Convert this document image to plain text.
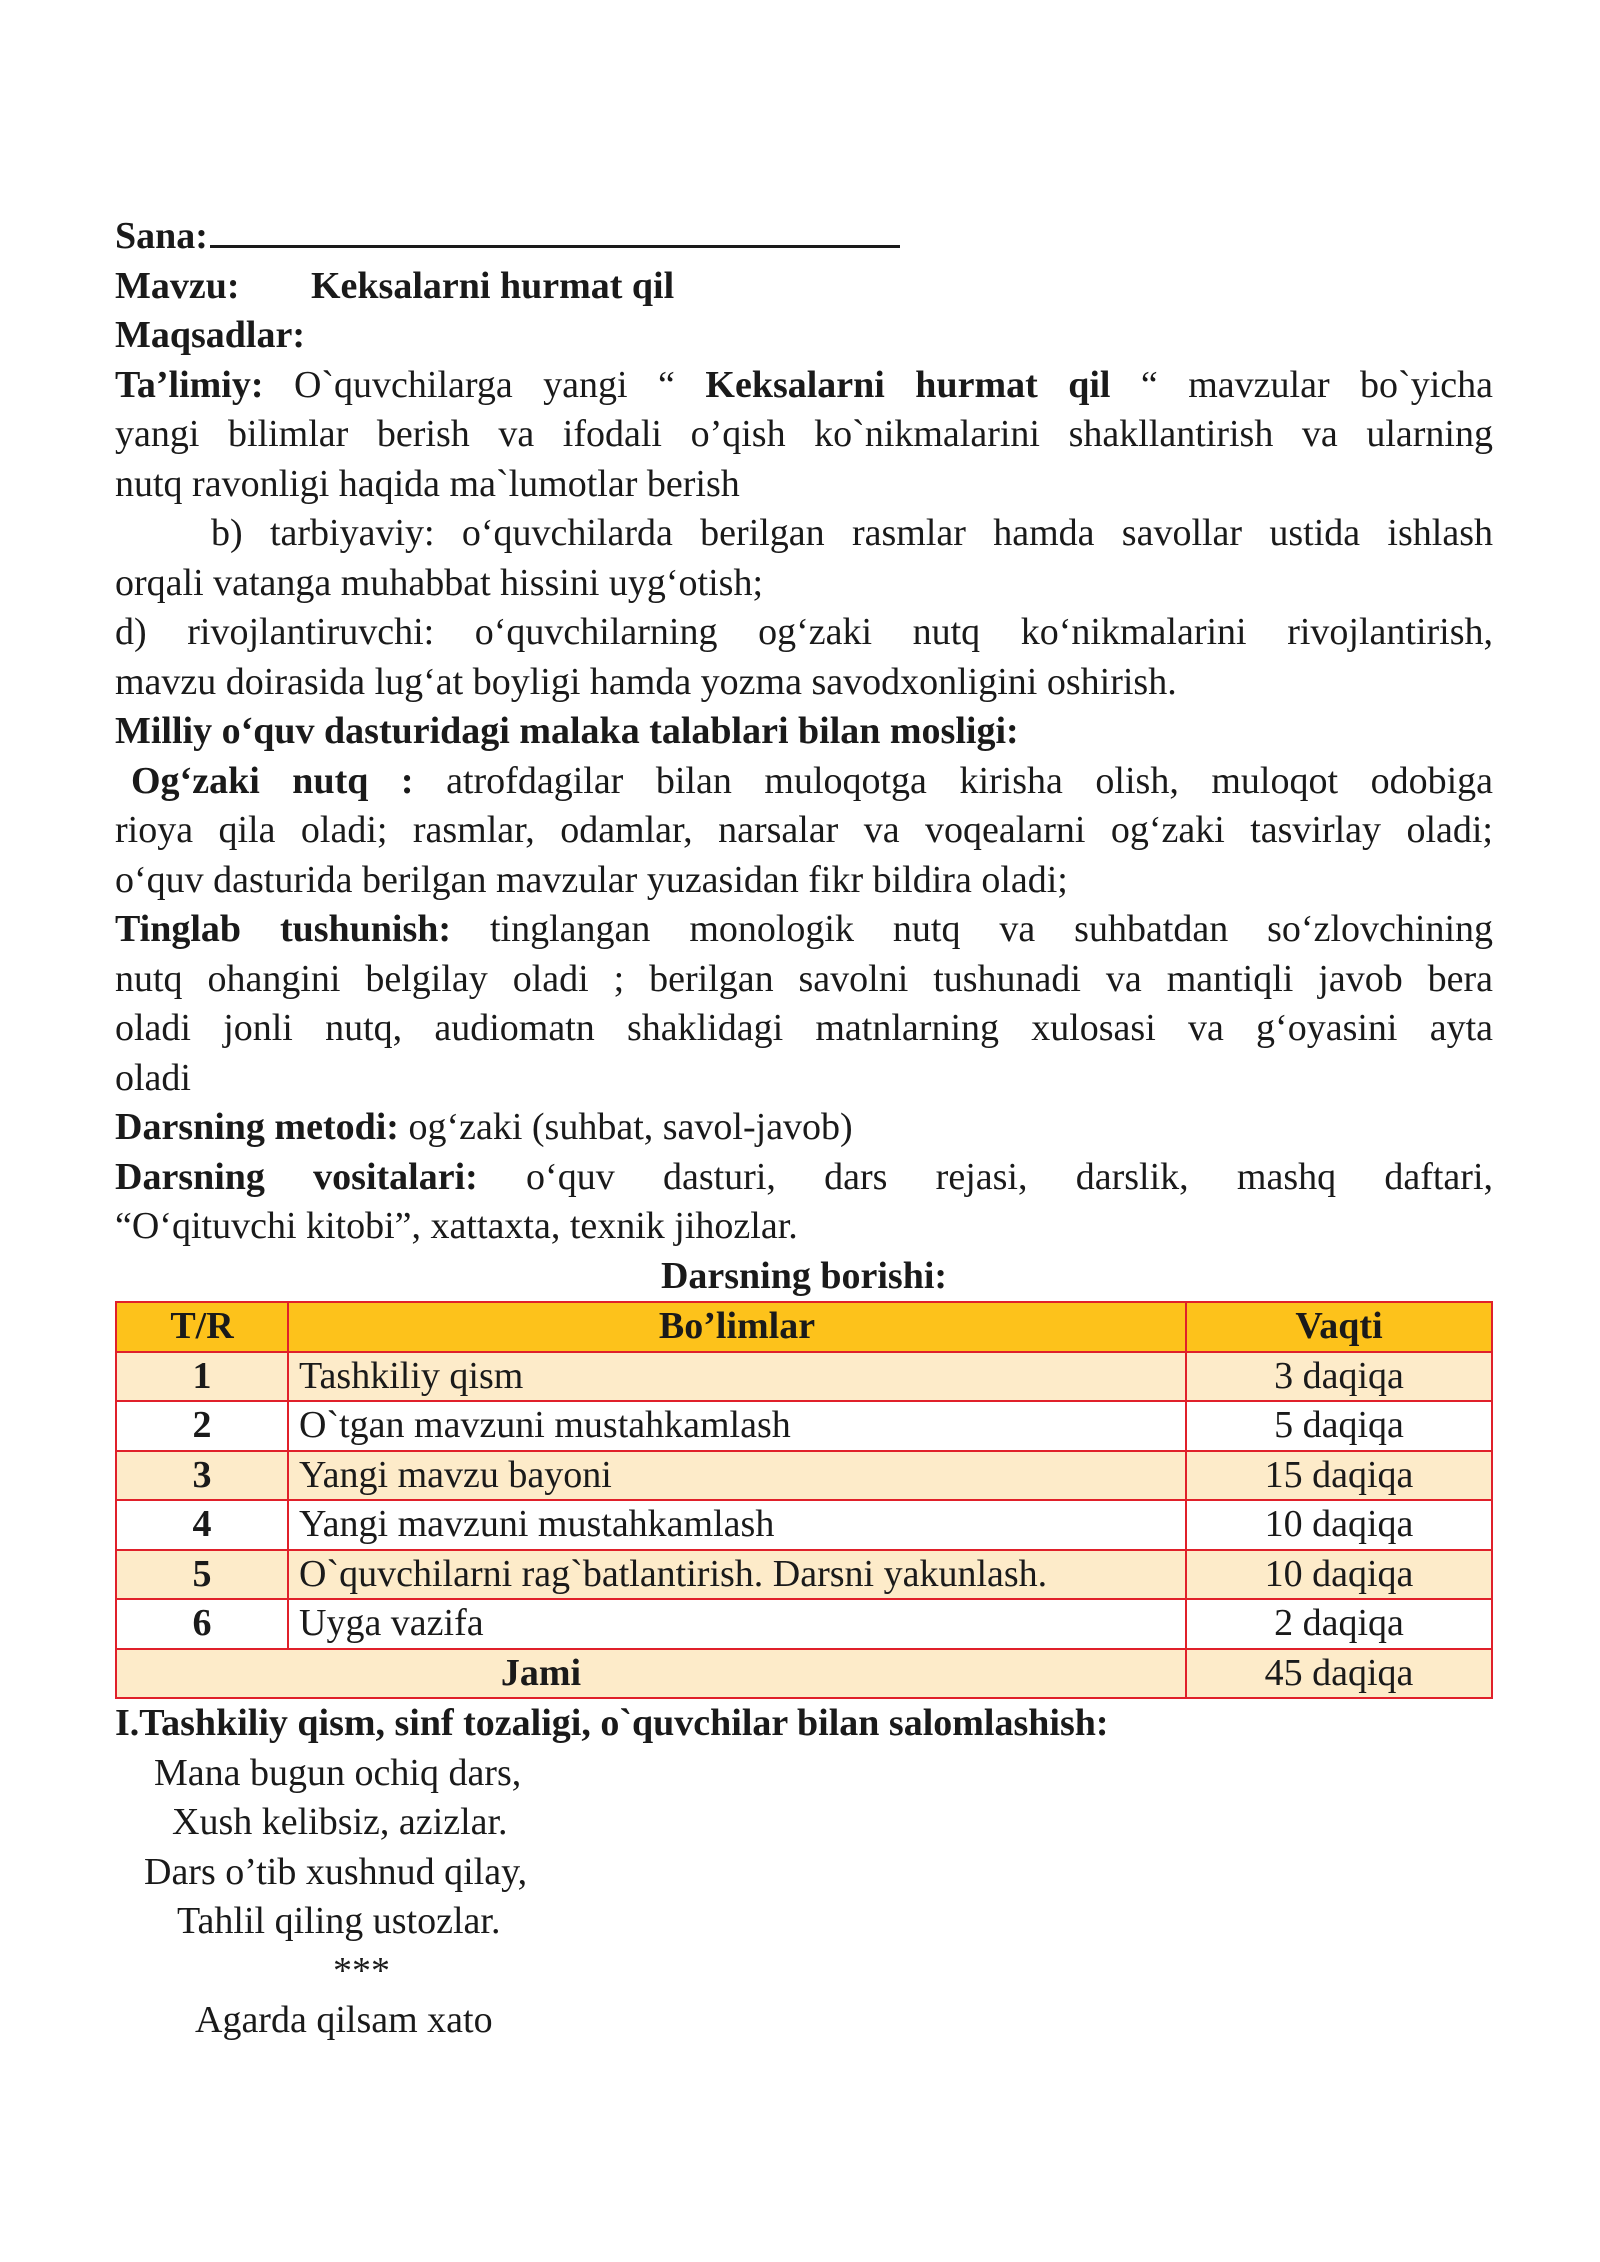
Sana:
Mavzu: Keksalarni hurmat qil
Maqsadlar:
Ta’limiy: O`quvchilarga yangi “ Keksalarni hurmat qil “ mavzular bo`yicha
yangi bilimlar berish va ifodali o’qish ko`nikmalarini shakllantirish va ularning
nutq ravonligi haqida ma`lumotlar berish
b) tarbiyaviy: o‘quvchilarda berilgan rasmlar hamda savollar ustida ishlash
orqali vatanga muhabbat hissini uyg‘otish;
d) rivojlantiruvchi: o‘quvchilarning og‘zaki nutq ko‘nikmalarini rivojlantirish,
mavzu doirasida lug‘at boyligi hamda yozma savodxonligini oshirish.
Milliy o‘quv dasturidagi malaka talablari bilan mosligi:
Og‘zaki nutq : atrofdagilar bilan muloqotga kirisha olish, muloqot odobiga
rioya qila oladi; rasmlar, odamlar, narsalar va voqealarni og‘zaki tasvirlay oladi;
o‘quv dasturida berilgan mavzular yuzasidan fikr bildira oladi;
Tinglab tushunish: tinglangan monologik nutq va suhbatdan so‘zlovchining
nutq ohangini belgilay oladi ; berilgan savolni tushunadi va mantiqli javob bera
oladi jonli nutq, audiomatn shaklidagi matnlarning xulosasi va g‘oyasini ayta
oladi
Darsning metodi: og‘zaki (suhbat, savol-javob)
Darsning vositalari: o‘quv dasturi, dars rejasi, darslik, mashq daftari,
“O‘qituvchi kitobi”, xattaxta, texnik jihozlar.
Darsning borishi:
T/R	Bo’limlar	Vaqti
1	Tashkiliy qism	3 daqiqa
2	O`tgan mavzuni mustahkamlash	5 daqiqa
3	Yangi mavzu bayoni	15 daqiqa
4	Yangi mavzuni mustahkamlash	10 daqiqa
5	O`quvchilarni rag`batlantirish. Darsni yakunlash.	10 daqiqa
6	Uyga vazifa	2 daqiqa
Jami		45 daqiqa
I.Tashkiliy qism, sinf tozaligi, o`quvchilar bilan salomlashish:
Mana bugun ochiq dars,
Xush kelibsiz, azizlar.
Dars o’tib xushnud qilay,
Tahlil qiling ustozlar.
***
Agarda qilsam xato
